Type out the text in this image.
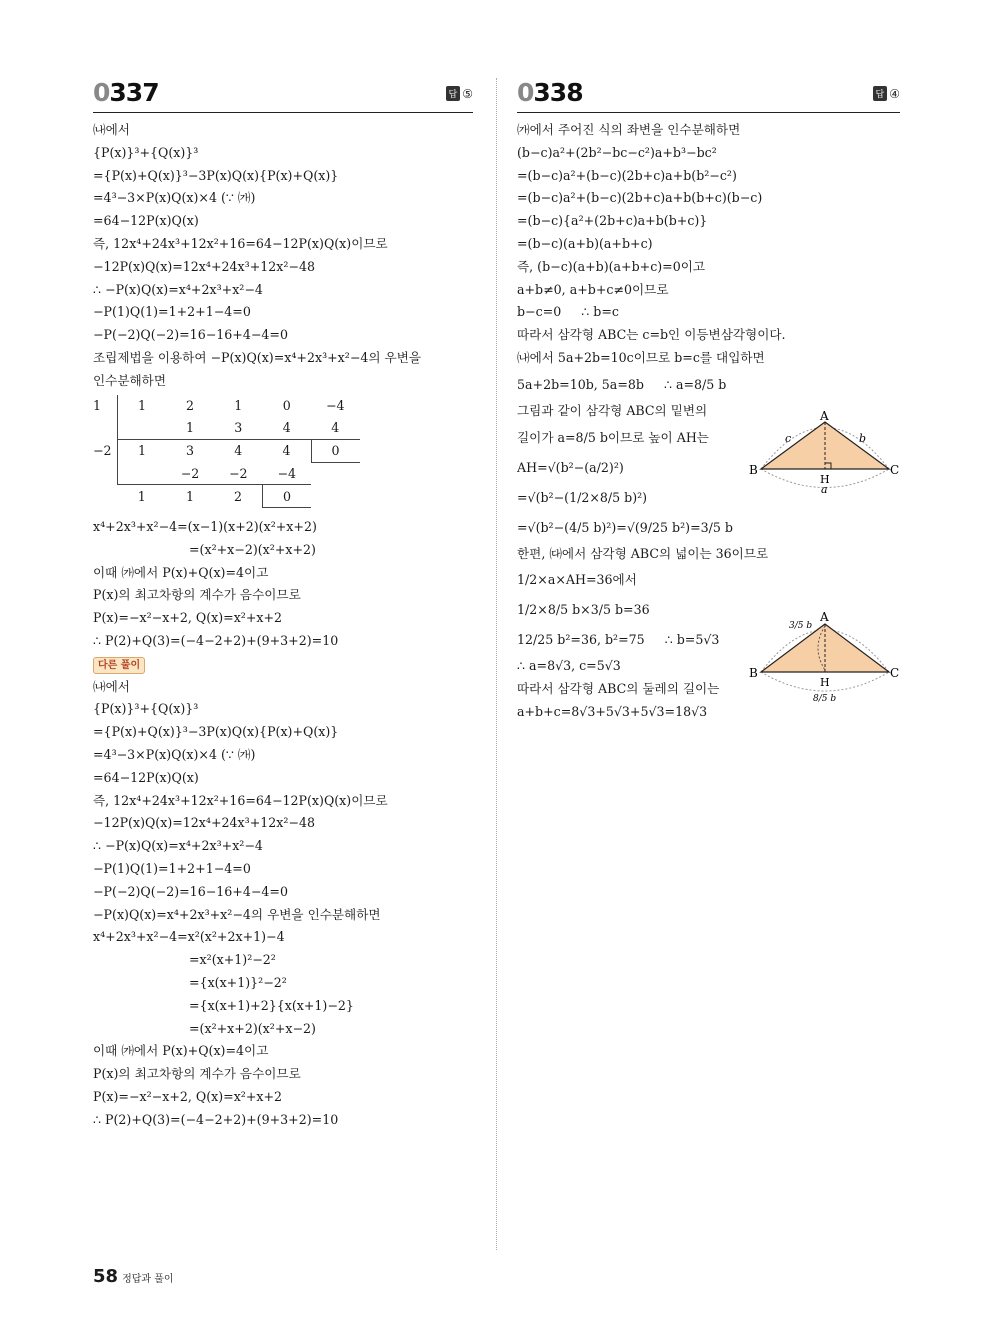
0337	답 ⑤
㈏에서
{P(x)}³+{Q(x)}³
={P(x)+Q(x)}³−3P(x)Q(x){P(x)+Q(x)}
=4³−3×P(x)Q(x)×4 (∵ ㈎)
=64−12P(x)Q(x)
즉, 12x⁴+24x³+12x²+16=64−12P(x)Q(x)이므로
−12P(x)Q(x)=12x⁴+24x³+12x²−48
∴ −P(x)Q(x)=x⁴+2x³+x²−4
−P(1)Q(1)=1+2+1−4=0
−P(−2)Q(−2)=16−16+4−4=0
조립제법을 이용하여 −P(x)Q(x)=x⁴+2x³+x²−4의 우변을
인수분해하면
1	1	2	1	0	−4
		1	3	4	4
−2	1	3	4	4	0
		−2	−2	−4	
	1	1	2	0	
x⁴+2x³+x²−4=(x−1)(x+2)(x²+x+2)
=(x²+x−2)(x²+x+2)
이때 ㈎에서 P(x)+Q(x)=4이고
P(x)의 최고차항의 계수가 음수이므로
P(x)=−x²−x+2, Q(x)=x²+x+2
∴ P(2)+Q(3)=(−4−2+2)+(9+3+2)=10
다른 풀이
㈏에서
{P(x)}³+{Q(x)}³
={P(x)+Q(x)}³−3P(x)Q(x){P(x)+Q(x)}
=4³−3×P(x)Q(x)×4 (∵ ㈎)
=64−12P(x)Q(x)
즉, 12x⁴+24x³+12x²+16=64−12P(x)Q(x)이므로
−12P(x)Q(x)=12x⁴+24x³+12x²−48
∴ −P(x)Q(x)=x⁴+2x³+x²−4
−P(1)Q(1)=1+2+1−4=0
−P(−2)Q(−2)=16−16+4−4=0
−P(x)Q(x)=x⁴+2x³+x²−4의 우변을 인수분해하면
x⁴+2x³+x²−4=x²(x²+2x+1)−4
=x²(x+1)²−2²
={x(x+1)}²−2²
={x(x+1)+2}{x(x+1)−2}
=(x²+x+2)(x²+x−2)
이때 ㈎에서 P(x)+Q(x)=4이고
P(x)의 최고차항의 계수가 음수이므로
P(x)=−x²−x+2, Q(x)=x²+x+2
∴ P(2)+Q(3)=(−4−2+2)+(9+3+2)=10
0338	답 ④
㈎에서 주어진 식의 좌변을 인수분해하면
(b−c)a²+(2b²−bc−c²)a+b³−bc²
=(b−c)a²+(b−c)(2b+c)a+b(b²−c²)
=(b−c)a²+(b−c)(2b+c)a+b(b+c)(b−c)
=(b−c){a²+(2b+c)a+b(b+c)}
=(b−c)(a+b)(a+b+c)
즉, (b−c)(a+b)(a+b+c)=0이고
a+b≠0, a+b+c≠0이므로
b−c=0     ∴ b=c
따라서 삼각형 ABC는 c=b인 이등변삼각형이다.
㈏에서 5a+2b=10c이므로 b=c를 대입하면
5a+2b=10b, 5a=8b     ∴ a=8/5 b
그림과 같이 삼각형 ABC의 밑변의
길이가 a=8/5 b이므로 높이 AH는
AH=√(b²−(a/2)²)
=√(b²−(1/2×8/5 b)²)
=√(b²−(4/5 b)²)=√(9/25 b²)=3/5 b
한편, ㈐에서 삼각형 ABC의 넓이는 36이므로
1/2×a×AH=36에서
1/2×8/5 b×3/5 b=36
12/25 b²=36, b²=75     ∴ b=5√3
∴ a=8√3, c=5√3
따라서 삼각형 ABC의 둘레의 길이는
a+b+c=8√3+5√3+5√3=18√3
A
B	C
H
a
c	b
A
B	C
H
3/5 b
8/5 b
58 정답과 풀이
